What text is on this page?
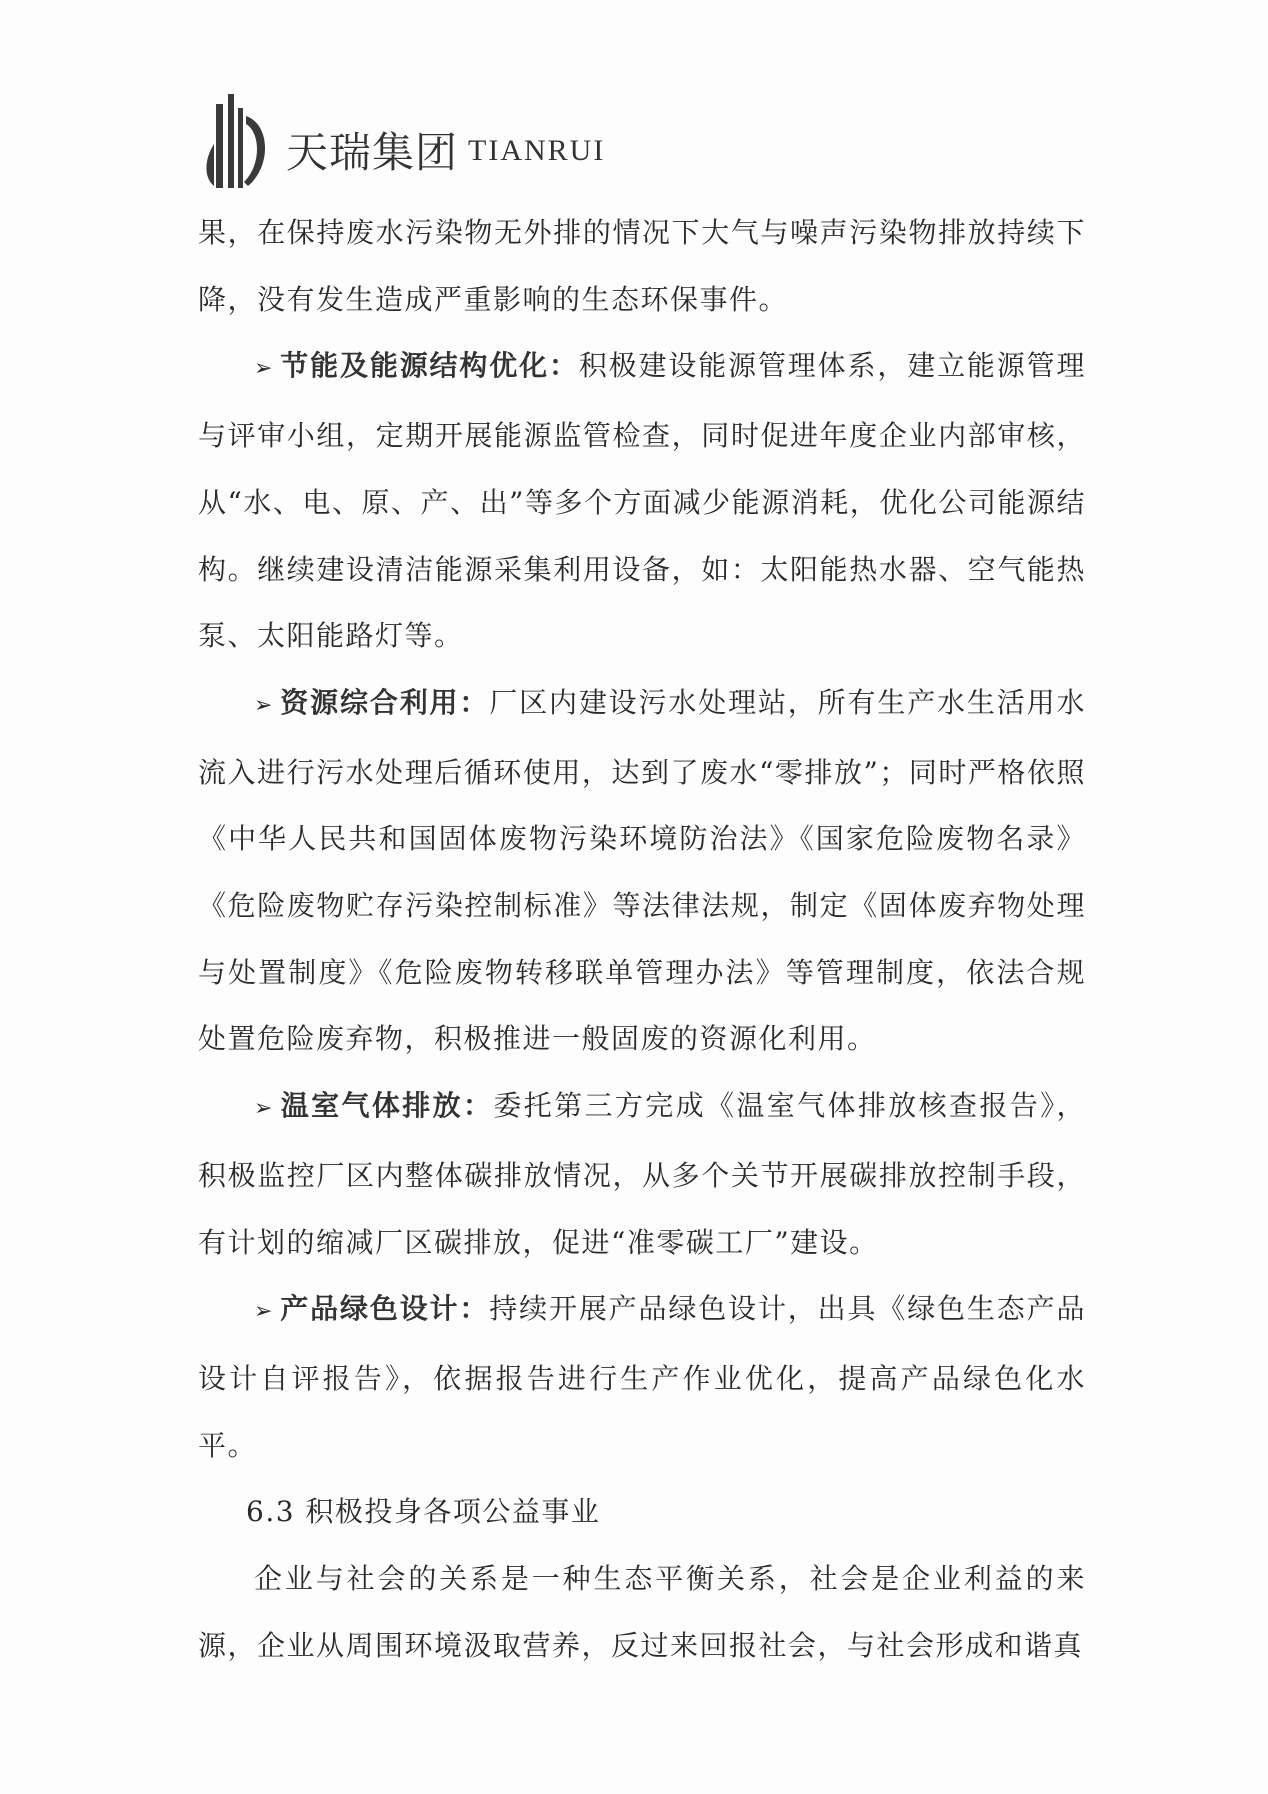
天瑞集团 TIANRUI

果，在保持废水污染物无外排的情况下大气与噪声污染物排放持续下降，没有发生造成严重影响的生态环保事件。

➢ 节能及能源结构优化：积极建设能源管理体系，建立能源管理与评审小组，定期开展能源监管检查，同时促进年度企业内部审核，从“水、电、原、产、出”等多个方面减少能源消耗，优化公司能源结构。继续建设清洁能源采集利用设备，如：太阳能热水器、空气能热泵、太阳能路灯等。

➢ 资源综合利用：厂区内建设污水处理站，所有生产水生活用水流入进行污水处理后循环使用，达到了废水“零排放”；同时严格依照《中华人民共和国固体废物污染环境防治法》《国家危险废物名录》《危险废物贮存污染控制标准》等法律法规，制定《固体废弃物处理与处置制度》《危险废物转移联单管理办法》等管理制度，依法合规处置危险废弃物，积极推进一般固废的资源化利用。

➢ 温室气体排放：委托第三方完成《温室气体排放核查报告》，积极监控厂区内整体碳排放情况，从多个关节开展碳排放控制手段，有计划的缩减厂区碳排放，促进“准零碳工厂”建设。

➢ 产品绿色设计：持续开展产品绿色设计，出具《绿色生态产品设计自评报告》，依据报告进行生产作业优化，提高产品绿色化水平。

6.3 积极投身各项公益事业

企业与社会的关系是一种生态平衡关系，社会是企业利益的来源，企业从周围环境汲取营养，反过来回报社会，与社会形成和谐真
